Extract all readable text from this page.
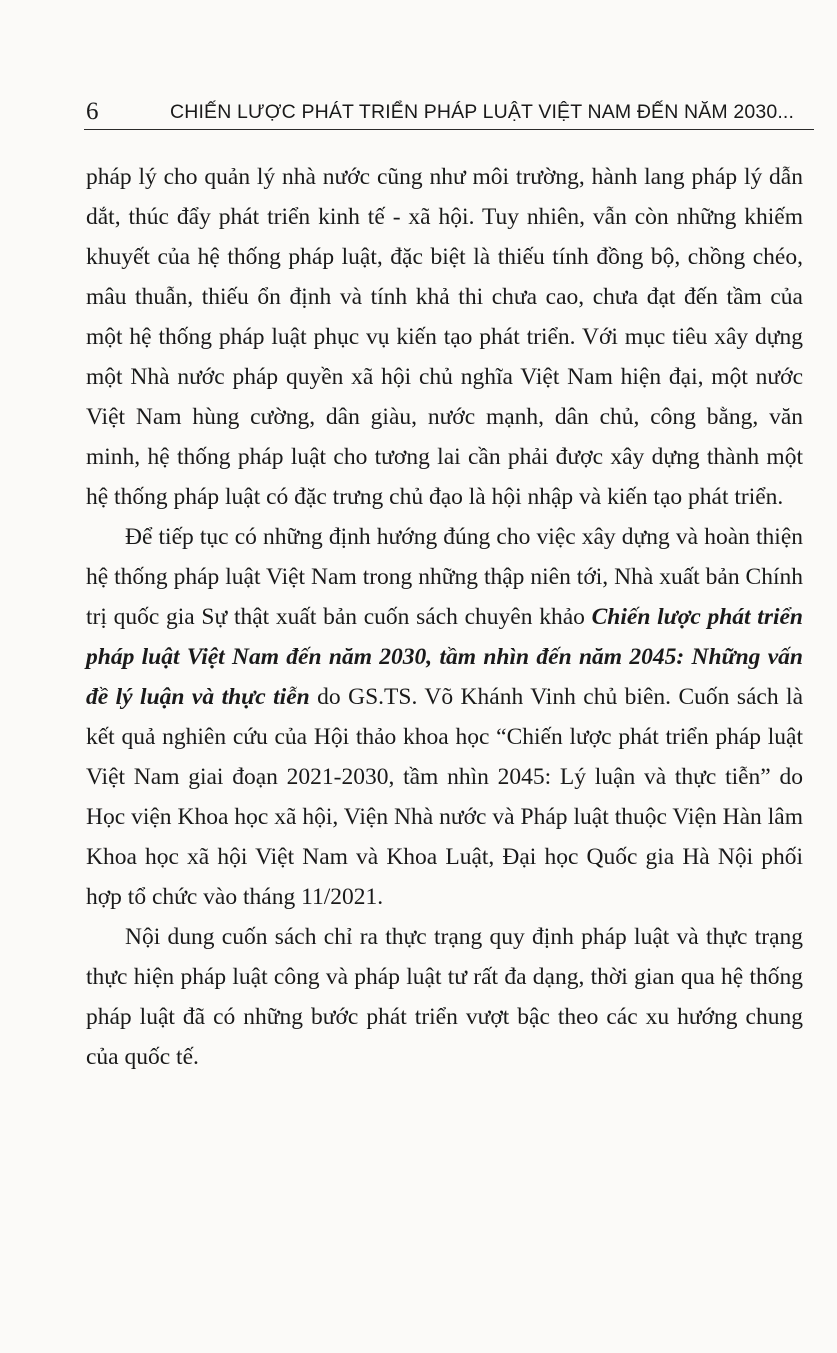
6	CHIẾN LƯỢC PHÁT TRIỂN PHÁP LUẬT VIỆT NAM ĐẾN NĂM 2030...

pháp lý cho quản lý nhà nước cũng như môi trường, hành lang pháp lý dẫn dắt, thúc đẩy phát triển kinh tế - xã hội. Tuy nhiên, vẫn còn những khiếm khuyết của hệ thống pháp luật, đặc biệt là thiếu tính đồng bộ, chồng chéo, mâu thuẫn, thiếu ổn định và tính khả thi chưa cao, chưa đạt đến tầm của một hệ thống pháp luật phục vụ kiến tạo phát triển. Với mục tiêu xây dựng một Nhà nước pháp quyền xã hội chủ nghĩa Việt Nam hiện đại, một nước Việt Nam hùng cường, dân giàu, nước mạnh, dân chủ, công bằng, văn minh, hệ thống pháp luật cho tương lai cần phải được xây dựng thành một hệ thống pháp luật có đặc trưng chủ đạo là hội nhập và kiến tạo phát triển.

Để tiếp tục có những định hướng đúng cho việc xây dựng và hoàn thiện hệ thống pháp luật Việt Nam trong những thập niên tới, Nhà xuất bản Chính trị quốc gia Sự thật xuất bản cuốn sách chuyên khảo Chiến lược phát triển pháp luật Việt Nam đến năm 2030, tầm nhìn đến năm 2045: Những vấn đề lý luận và thực tiễn do GS.TS. Võ Khánh Vinh chủ biên. Cuốn sách là kết quả nghiên cứu của Hội thảo khoa học “Chiến lược phát triển pháp luật Việt Nam giai đoạn 2021-2030, tầm nhìn 2045: Lý luận và thực tiễn” do Học viện Khoa học xã hội, Viện Nhà nước và Pháp luật thuộc Viện Hàn lâm Khoa học xã hội Việt Nam và Khoa Luật, Đại học Quốc gia Hà Nội phối hợp tổ chức vào tháng 11/2021.

Nội dung cuốn sách chỉ ra thực trạng quy định pháp luật và thực trạng thực hiện pháp luật công và pháp luật tư rất đa dạng, thời gian qua hệ thống pháp luật đã có những bước phát triển vượt bậc theo các xu hướng chung của quốc tế.
